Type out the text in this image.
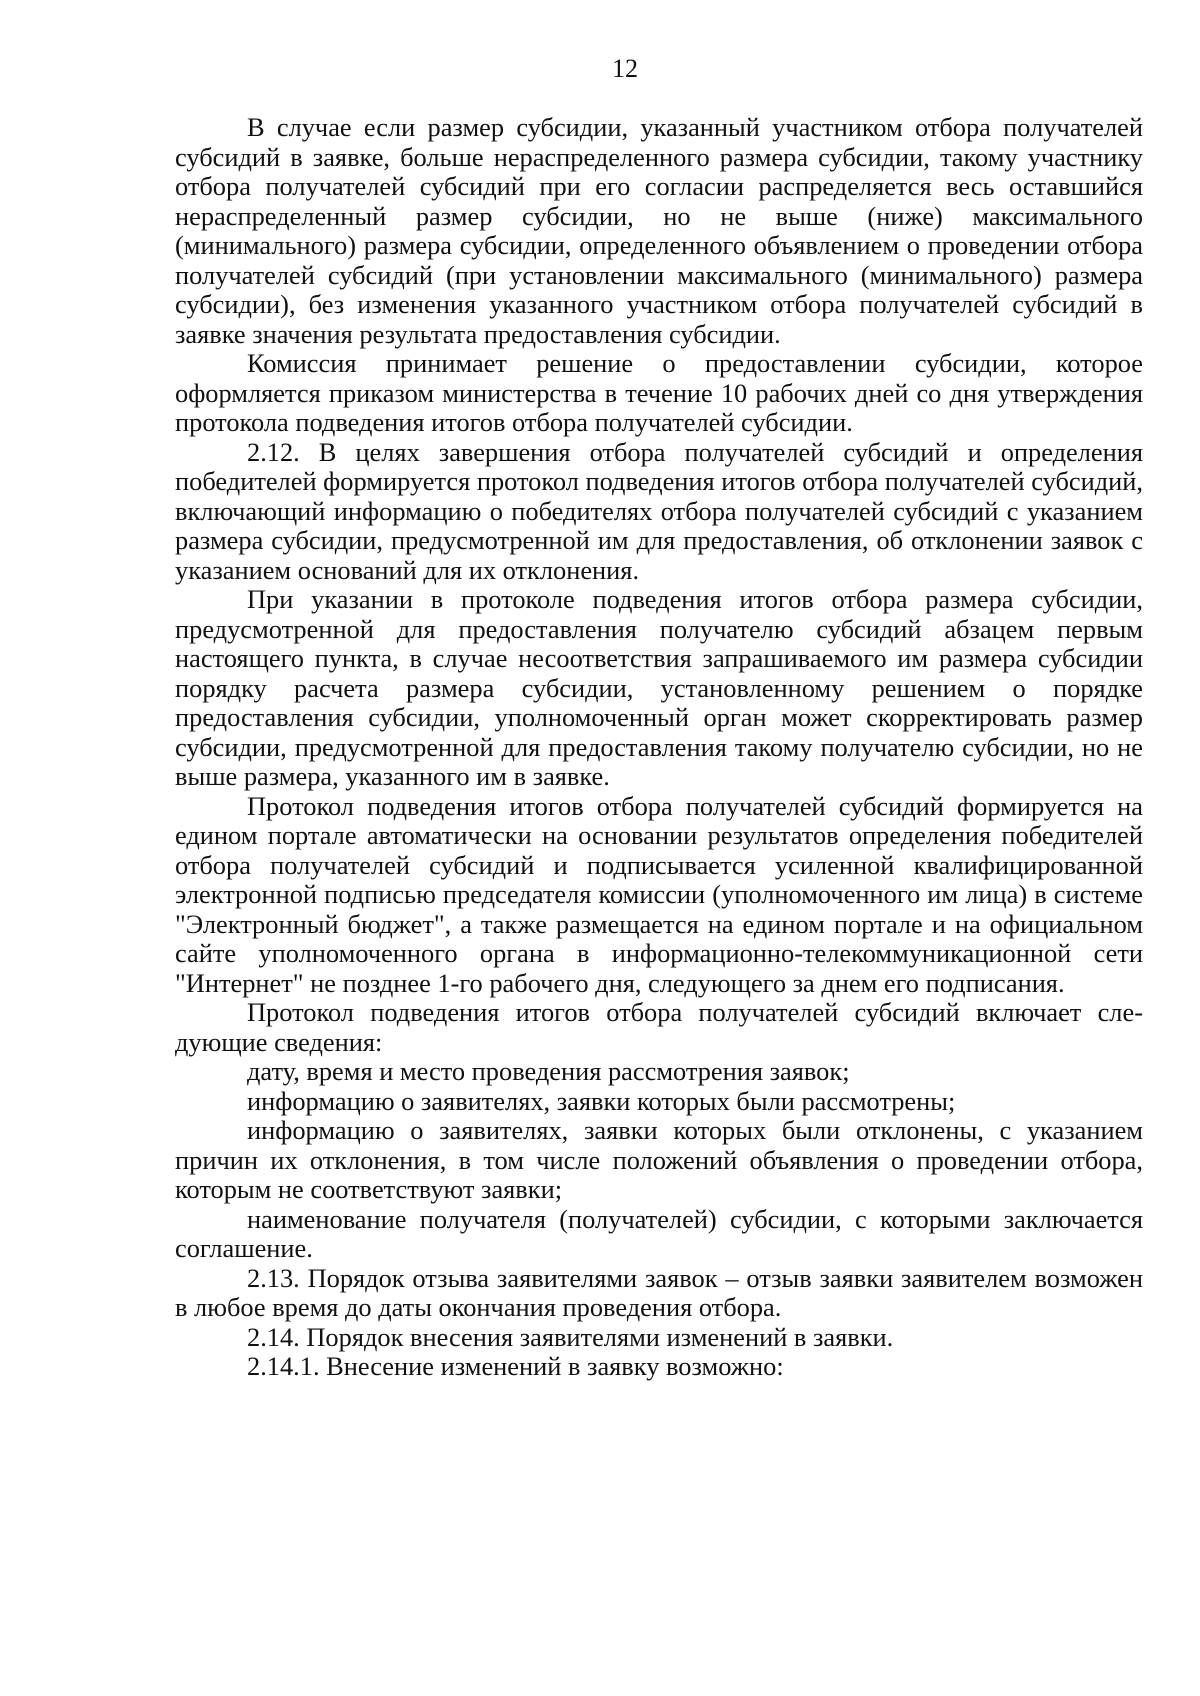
12

В случае если размер субсидии, указанный участником отбора получателей субсидий в заявке, больше нераспределенного размера субсидии, такому участнику отбора получателей субсидий при его согласии распределяется весь оставшийся нераспределенный размер субсидии, но не выше (ниже) максимального (минимального) размера субсидии, определенного объявлением о проведении отбора получателей субсидий (при установлении максимального (минимального) размера субсидии), без изменения указанного участником отбора получателей субсидий в заявке значения результата предоставления субсидии.

Комиссия принимает решение о предоставлении субсидии, которое оформляется приказом министерства в течение 10 рабочих дней со дня утверждения протокола подведения итогов отбора получателей субсидии.

2.12. В целях завершения отбора получателей субсидий и определения победителей формируется протокол подведения итогов отбора получателей субсидий, включающий информацию о победителях отбора получателей субсидий с указанием размера субсидии, предусмотренной им для предоставления, об отклонении заявок с указанием оснований для их отклонения.

При указании в протоколе подведения итогов отбора размера субсидии, предусмотренной для предоставления получателю субсидий абзацем первым настоящего пункта, в случае несоответствия запрашиваемого им размера субсидии порядку расчета размера субсидии, установленному решением о порядке предоставления субсидии, уполномоченный орган может скорректировать размер субсидии, предусмотренной для предоставления такому получателю субсидии, но не выше размера, указанного им в заявке.

Протокол подведения итогов отбора получателей субсидий формируется на едином портале автоматически на основании результатов определения победителей отбора получателей субсидий и подписывается усиленной квалифицированной электронной подписью председателя комиссии (уполномоченного им лица) в системе "Электронный бюджет", а также размещается на едином портале и на официальном сайте уполномоченного органа в информационно-телекоммуникационной сети "Интернет" не позднее 1-го рабочего дня, следующего за днем его подписания.

Протокол подведения итогов отбора получателей субсидий включает следующие сведения:

дату, время и место проведения рассмотрения заявок;

информацию о заявителях, заявки которых были рассмотрены;

информацию о заявителях, заявки которых были отклонены, с указанием причин их отклонения, в том числе положений объявления о проведении отбора, которым не соответствуют заявки;

наименование получателя (получателей) субсидии, с которыми заключается соглашение.

2.13. Порядок отзыва заявителями заявок – отзыв заявки заявителем возможен в любое время до даты окончания проведения отбора.

2.14. Порядок внесения заявителями изменений в заявки.

2.14.1. Внесение изменений в заявку возможно:
